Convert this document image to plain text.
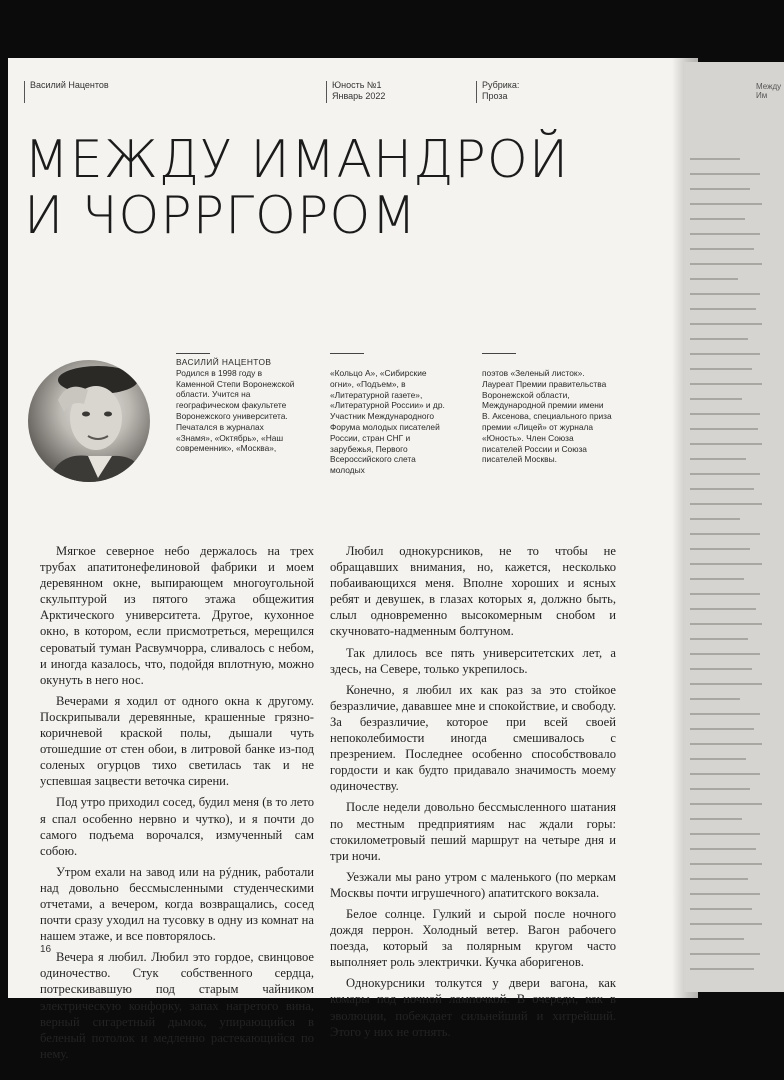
Между Им
Василий Нацентов	Юность №1
Январь 2022
Рубрика:
Проза
МЕЖДУ ИМАНДРОЙ
И ЧОРРГОРОМ
ВАСИЛИЙ НАЦЕНТОВ
Родился в 1998 году в Каменной Степи Воронежской области. Учится на географическом факультете Воронежского университета. Печатался в журналах «Знамя», «Октябрь», «Наш современник», «Москва»,
«Кольцо А», «Сибирские огни», «Подъем», в «Литературной газете», «Литературной России» и др. Участник Международного Форума молодых писателей России, стран СНГ и зарубежья, Первого Всероссийского слета молодых
поэтов «Зеленый листок». Лауреат Премии правительства Воронежской области, Международной премии имени В. Аксенова, специального приза премии «Лицей» от журнала «Юность». Член Союза писателей России и Союза писателей Москвы.

Мягкое северное небо держалось на трех трубах апатитонефелиновой фабрики и моем деревянном окне, выпирающем многоугольной скульптурой из пятого этажа общежития Арктического университета. Другое, кухонное окно, в котором, если присмотреться, мерещился сероватый туман Расвумчорра, сливалось с небом, и иногда казалось, что, подойдя вплотную, можно окунуть в него нос.

Вечерами я ходил от одного окна к другому. Поскрипывали деревянные, крашенные грязно-коричневой краской полы, дышали чуть отошедшие от стен обои, в литровой банке из-под соленых огурцов тихо светилась так и не успевшая зацвести веточка сирени.

Под утро приходил сосед, будил меня (в то лето я спал особенно нервно и чутко), и я почти до самого подъема ворочался, измученный сам собою.

Утром ехали на завод или на рýдник, работали над довольно бессмысленными студенческими отчетами, а вечером, когда возвращались, сосед почти сразу уходил на тусовку в одну из комнат на нашем этаже, и все повторялось.

Вечера я любил. Любил это гордое, свинцовое одиночество. Стук собственного сердца, потрескивавшую под старым чайником электрическую конфорку, запах нагретого вина, верный сигаретный дымок, упирающийся в беленый потолок и медленно растекающийся по нему.

Любил однокурсников, не то чтобы не обращавших внимания, но, кажется, несколько побаивающихся меня. Вполне хороших и ясных ребят и девушек, в глазах которых я, должно быть, слыл одновременно высокомерным снобом и скучновато-надменным болтуном.

Так длилось все пять университетских лет, а здесь, на Севере, только укрепилось.

Конечно, я любил их как раз за это стойкое безразличие, дававшее мне и спокойствие, и свободу. За безразличие, которое при всей своей непоколебимости иногда смешивалось с презрением. Последнее особенно способствовало гордости и как будто придавало значимость моему одиночеству.

После недели довольно бессмысленного шатания по местным предприятиям нас ждали горы: стокилометровый пеший маршрут на четыре дня и три ночи.

Уезжали мы рано утром с маленького (по меркам Москвы почти игрушечного) апатитского вокзала.

Белое солнце. Гулкий и сырой после ночного дождя перрон. Холодный ветер. Вагон рабочего поезда, который за полярным кругом часто выполняет роль электрички. Кучка аборигенов.

Однокурсники толкутся у двери вагона, как комары под ночной лампочкой. В очереди, как в эволюции, побеждает сильнейший и хитрейший. Этого у них не отнять.

16
